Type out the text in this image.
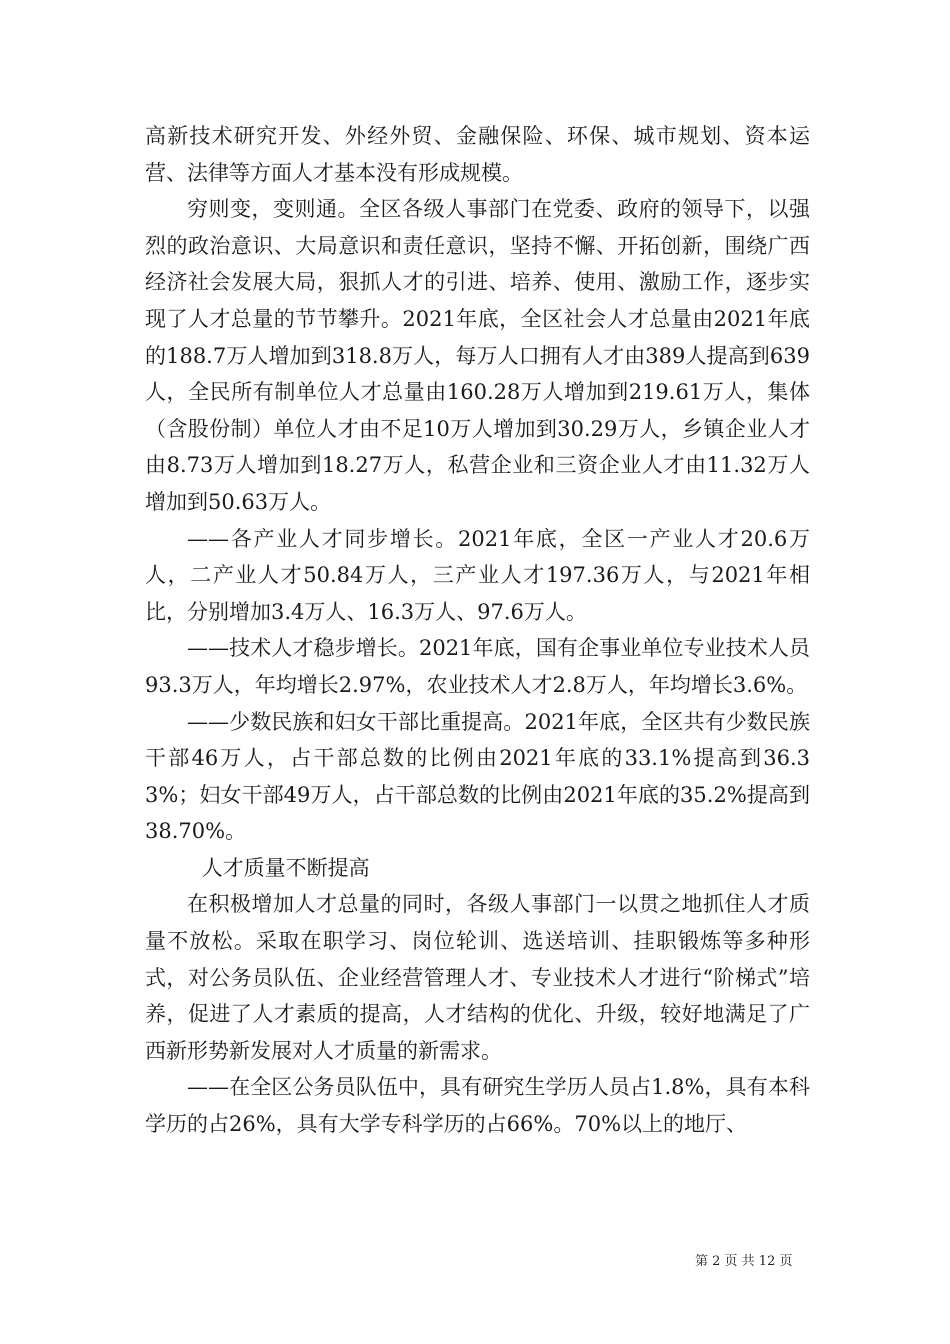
高新技术研究开发、外经外贸、金融保险、环保、城市规划、资本运营、法律等方面人才基本没有形成规模。

穷则变，变则通。全区各级人事部门在党委、政府的领导下，以强烈的政治意识、大局意识和责任意识，坚持不懈、开拓创新，围绕广西经济社会发展大局，狠抓人才的引进、培养、使用、激励工作，逐步实现了人才总量的节节攀升。2021年底，全区社会人才总量由2021年底的188.7万人增加到318.8万人，每万人口拥有人才由389人提高到639人，全民所有制单位人才总量由160.28万人增加到219.61万人，集体（含股份制）单位人才由不足10万人增加到30.29万人，乡镇企业人才由8.73万人增加到18.27万人，私营企业和三资企业人才由11.32万人增加到50.63万人。

——各产业人才同步增长。2021年底，全区一产业人才20.6万人，二产业人才50.84万人，三产业人才197.36万人，与2021年相比，分别增加3.4万人、16.3万人、97.6万人。

——技术人才稳步增长。2021年底，国有企事业单位专业技术人员93.3万人，年均增长2.97%，农业技术人才2.8万人，年均增长3.6%。

——少数民族和妇女干部比重提高。2021年底，全区共有少数民族干部46万人，占干部总数的比例由2021年底的33.1%提高到36.33%；妇女干部49万人，占干部总数的比例由2021年底的35.2%提高到38.70%。

人才质量不断提高

在积极增加人才总量的同时，各级人事部门一以贯之地抓住人才质量不放松。采取在职学习、岗位轮训、选送培训、挂职锻炼等多种形式，对公务员队伍、企业经营管理人才、专业技术人才进行“阶梯式”培养，促进了人才素质的提高，人才结构的优化、升级，较好地满足了广西新形势新发展对人才质量的新需求。

——在全区公务员队伍中，具有研究生学历人员占1.8%，具有本科学历的占26%，具有大学专科学历的占66%。70%以上的地厅、

第 2 页 共 12 页
